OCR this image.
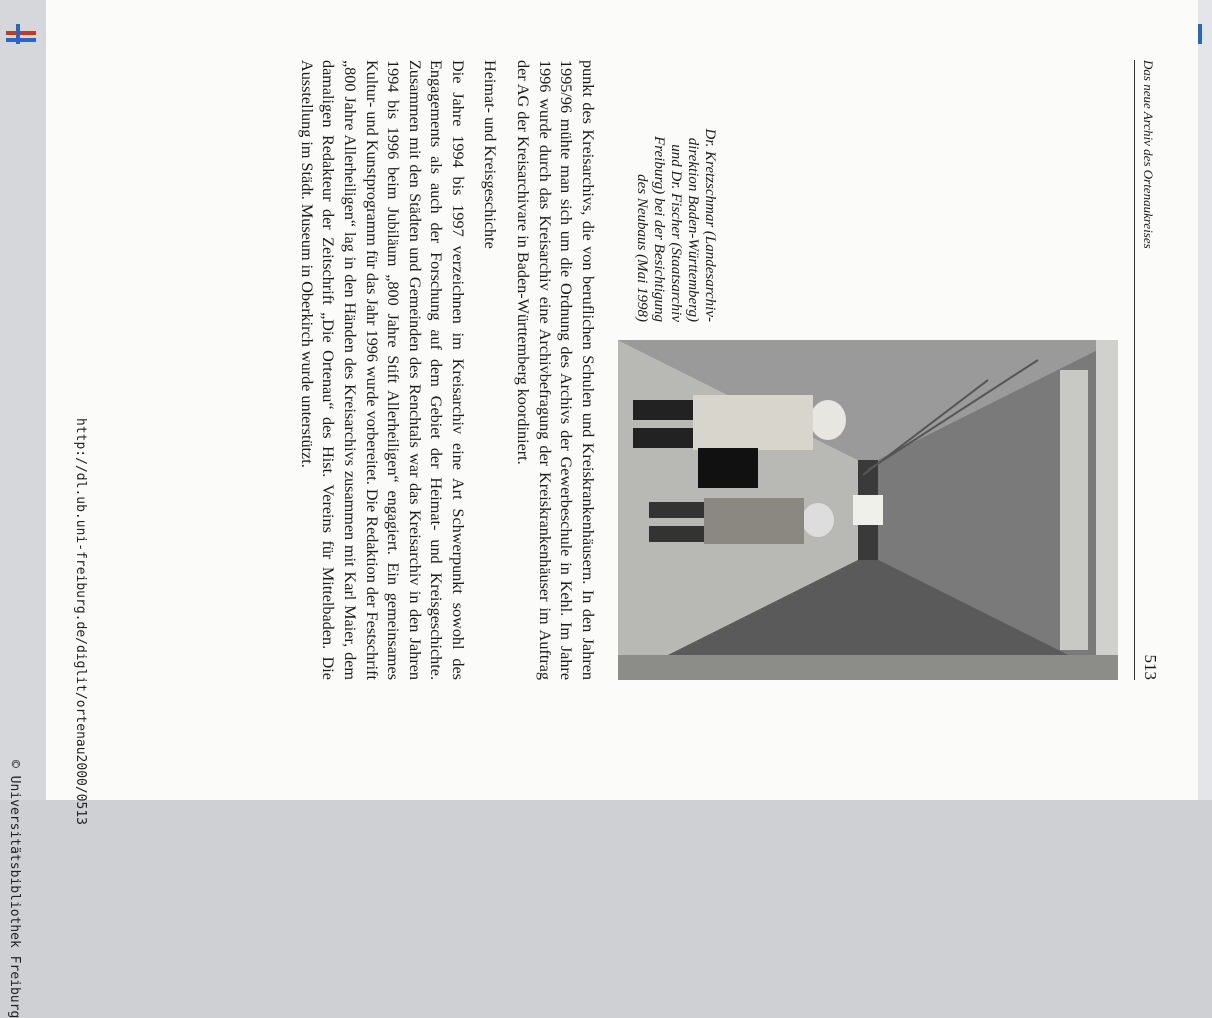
Das neue Archiv des Ortenaukreises
513
Dr. Kretzschmar (Landesarchiv-
direktion Baden-Württemberg)
und Dr. Fischer (Staatsarchiv
Freiburg) bei der Besichtigung
des Neubaus (Mai 1998)
punkt des Kreisarchivs, die von beruflichen Schulen und Kreiskrankenhäusern. In den Jahren 1995/96 mühte man sich um die Ordnung des Archivs der Gewerbeschule in Kehl. Im Jahre 1996 wurde durch das Kreisarchiv eine Archivbefragung der Kreiskrankenhäuser im Auftrag der AG der Kreisarchivare in Baden-Württemberg koordiniert.
Heimat- und Kreisgeschichte
Die Jahre 1994 bis 1997 verzeichnen im Kreisarchiv eine Art Schwerpunkt sowohl des Engagements als auch der Forschung auf dem Gebiet der Heimat- und Kreisgeschichte. Zusammen mit den Städten und Gemeinden des Renchtals war das Kreisarchiv in den Jahren 1994 bis 1996 beim Jubiläum „800 Jahre Stift Allerheiligen“ engagiert. Ein gemeinsames Kultur- und Kunstprogramm für das Jahr 1996 wurde vorbereitet. Die Redaktion der Festschrift „800 Jahre Allerheiligen“ lag in den Händen des Kreisarchivs zusammen mit Karl Maier, dem damaligen Redakteur der Zeitschrift „Die Ortenau“ des Hist. Vereins für Mittelbaden. Die Ausstellung im Städt. Museum in Oberkirch wurde unterstützt.
http://dl.ub.uni-freiburg.de/diglit/ortenau2000/0513
© Universitätsbibliothek Freiburg
